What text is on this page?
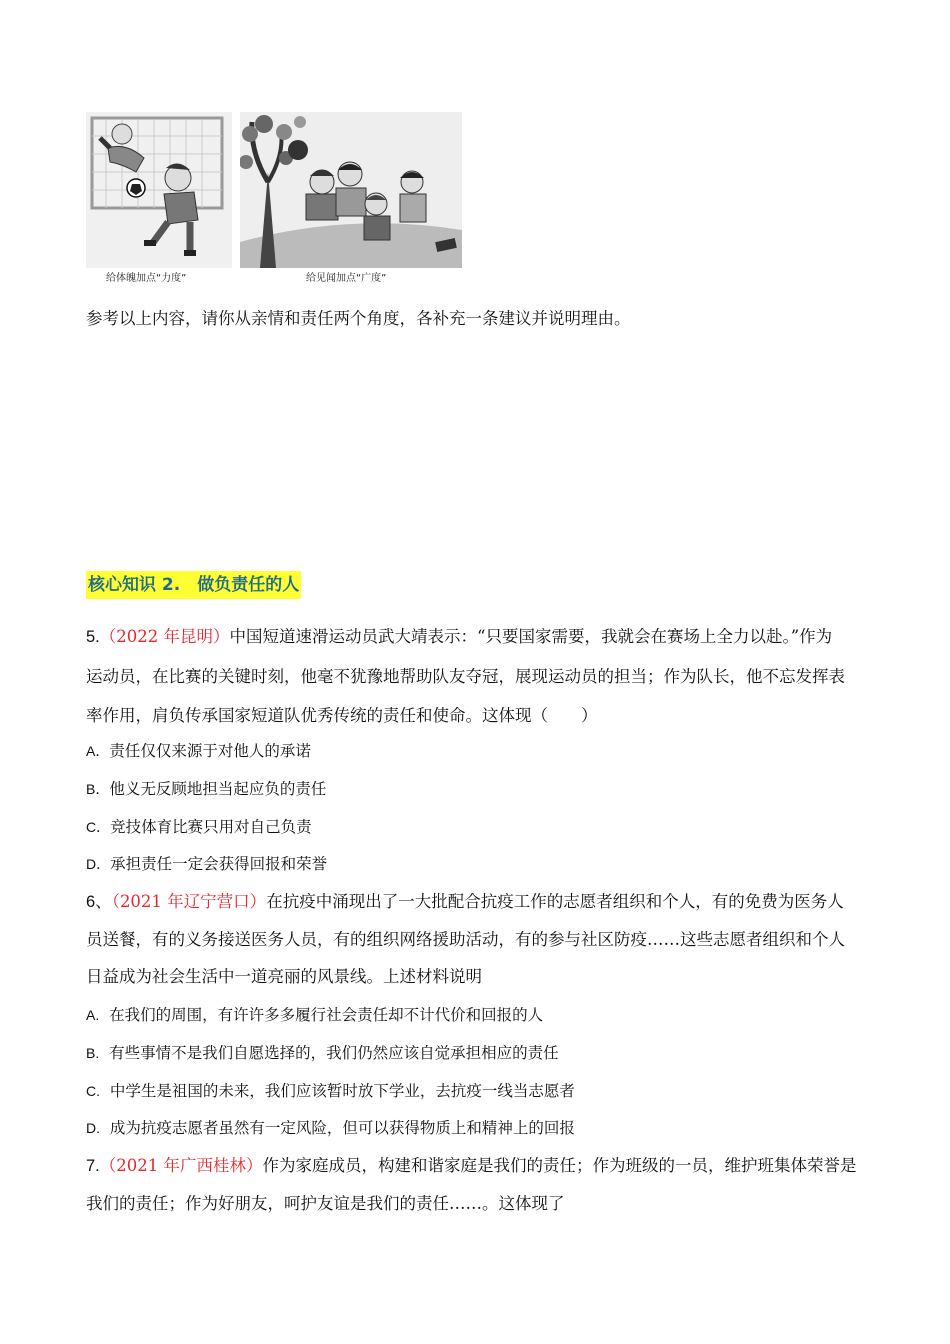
给体魄加点“力度”	给见闻加点“广度”
参考以上内容，请你从亲情和责任两个角度，各补充一条建议并说明理由。
核心知识 2.　做负责任的人
5.（2022 年昆明）中国短道速滑运动员武大靖表示：“只要国家需要，我就会在赛场上全力以赴。”作为
运动员，在比赛的关键时刻，他毫不犹豫地帮助队友夺冠，展现运动员的担当；作为队长，他不忘发挥表
率作用，肩负传承国家短道队优秀传统的责任和使命。这体现（　　）
A．责任仅仅来源于对他人的承诺
B．他义无反顾地担当起应负的责任
C．竞技体育比赛只用对自己负责
D．承担责任一定会获得回报和荣誉
6、（2021 年辽宁营口）在抗疫中涌现出了一大批配合抗疫工作的志愿者组织和个人，有的免费为医务人
员送餐，有的义务接送医务人员，有的组织网络援助活动，有的参与社区防疫……这些志愿者组织和个人
日益成为社会生活中一道亮丽的风景线。上述材料说明
A. 在我们的周围，有许许多多履行社会责任却不计代价和回报的人
B. 有些事情不是我们自愿选择的，我们仍然应该自觉承担相应的责任
C. 中学生是祖国的未来，我们应该暂时放下学业，去抗疫一线当志愿者
D. 成为抗疫志愿者虽然有一定风险，但可以获得物质上和精神上的回报
7.（2021 年广西桂林）作为家庭成员，构建和谐家庭是我们的责任；作为班级的一员，维护班集体荣誉是
我们的责任；作为好朋友，呵护友谊是我们的责任……。这体现了
